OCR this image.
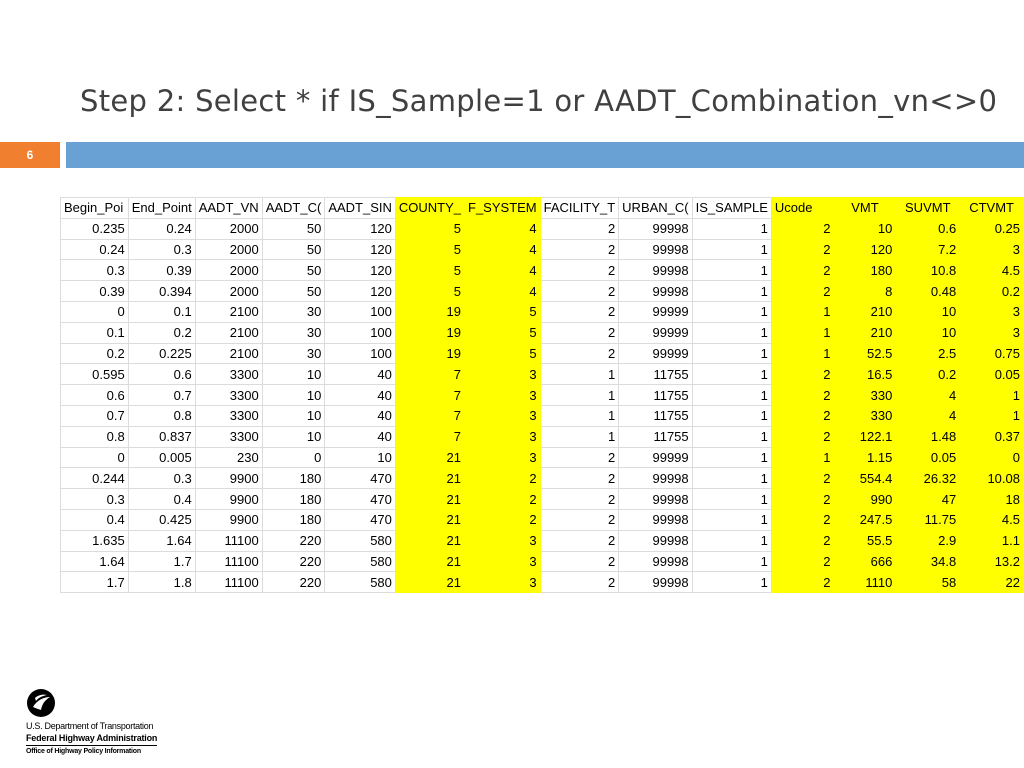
Step 2: Select * if IS_Sample=1 or AADT_Combination_vn<>0
6
Begin_Poi	End_Point	AADT_VN	AADT_C(	AADT_SIN	COUNTY_	F_SYSTEM	FACILITY_T	URBAN_C(	IS_SAMPLE	Ucode	VMT	SUVMT	CTVMT
0.235	0.24	2000	50	120	5	4	2	99998	1	2	10	0.6	0.25
0.24	0.3	2000	50	120	5	4	2	99998	1	2	120	7.2	3
0.3	0.39	2000	50	120	5	4	2	99998	1	2	180	10.8	4.5
0.39	0.394	2000	50	120	5	4	2	99998	1	2	8	0.48	0.2
0	0.1	2100	30	100	19	5	2	99999	1	1	210	10	3
0.1	0.2	2100	30	100	19	5	2	99999	1	1	210	10	3
0.2	0.225	2100	30	100	19	5	2	99999	1	1	52.5	2.5	0.75
0.595	0.6	3300	10	40	7	3	1	11755	1	2	16.5	0.2	0.05
0.6	0.7	3300	10	40	7	3	1	11755	1	2	330	4	1
0.7	0.8	3300	10	40	7	3	1	11755	1	2	330	4	1
0.8	0.837	3300	10	40	7	3	1	11755	1	2	122.1	1.48	0.37
0	0.005	230	0	10	21	3	2	99999	1	1	1.15	0.05	0
0.244	0.3	9900	180	470	21	2	2	99998	1	2	554.4	26.32	10.08
0.3	0.4	9900	180	470	21	2	2	99998	1	2	990	47	18
0.4	0.425	9900	180	470	21	2	2	99998	1	2	247.5	11.75	4.5
1.635	1.64	11100	220	580	21	3	2	99998	1	2	55.5	2.9	1.1
1.64	1.7	11100	220	580	21	3	2	99998	1	2	666	34.8	13.2
1.7	1.8	11100	220	580	21	3	2	99998	1	2	1110	58	22
U.S. Department of Transportation
Federal Highway Administration
Office of Highway Policy Information
